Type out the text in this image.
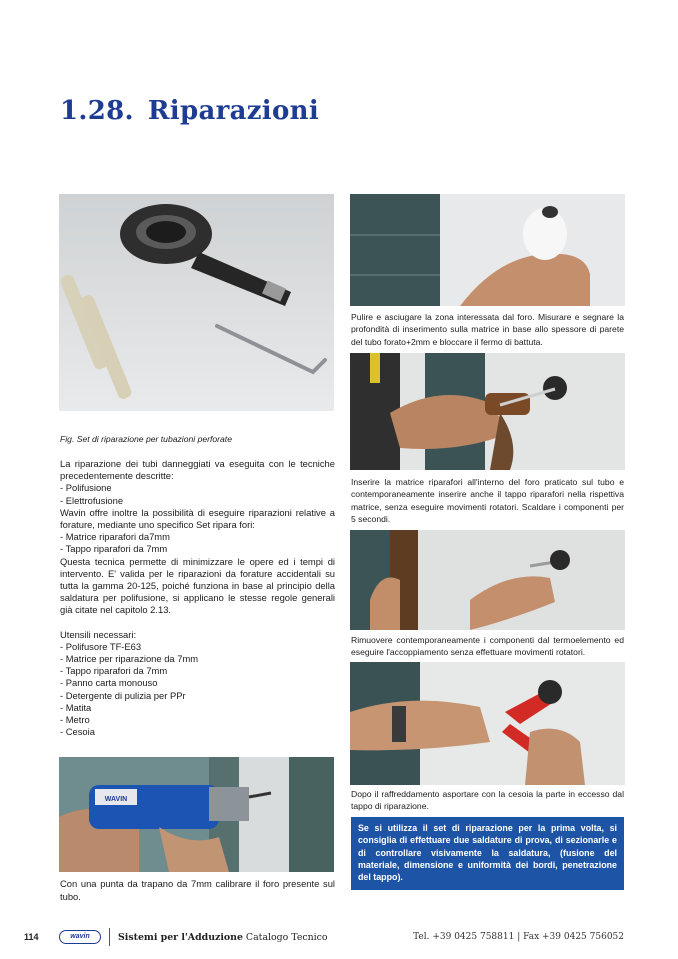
1.28. Riparazioni
Fig. Set di riparazione per tubazioni perforate

La riparazione dei tubi danneggiati va eseguita con le tecniche precedentemente descritte:

- Polifusione
- Elettrofusione

Wavin offre inoltre la possibilità di eseguire riparazioni relative a forature, mediante uno specifico Set ripara fori:

- Matrice riparafori da7mm
- Tappo riparafori da 7mm

Questa tecnica permette di minimizzare le opere ed i tempi di intervento. E' valida per le riparazioni da forature accidentali su tutta la gamma 20-125, poiché funziona in base al principio della saldatura per polifusione, si applicano le stesse regole generali già citate nel capitolo 2.13.

Utensili necessari:

- Polifusore TF-E63
- Matrice per riparazione da 7mm
- Tappo riparafori da 7mm
- Panno carta monouso
- Detergente di pulizia per PPr
- Matita
- Metro
- Cesoia
WAVIN
Con una punta da trapano da 7mm calibrare il foro presente sul tubo.
Pulire e asciugare la zona interessata dal foro. Misurare e segnare la profondità di inserimento sulla matrice in base allo spessore di parete del tubo forato+2mm e bloccare il fermo di battuta.
Inserire la matrice riparafori all'interno del foro praticato sul tubo e contemporaneamente inserire anche il tappo riparafori nella rispettiva matrice, senza eseguire movimenti rotatori. Scaldare i componenti per 5 secondi.
Rimuovere contemporaneamente i componenti dal termoelemento ed eseguire l'accoppiamento senza effettuare movimenti rotatori.
Dopo il raffreddamento asportare con la cesoia la parte in eccesso dal tappo di riparazione.
Se si utilizza il set di riparazione per la prima volta, si consiglia di effettuare due saldature di prova, di sezionarle e di controllare visivamente la saldatura, (fusione del materiale, dimensione e uniformità dei bordi, penetrazione del tappo).
114	wavin	Sistemi per l'Adduzione Catalogo Tecnico	Tel. +39 0425 758811 | Fax +39 0425 756052
